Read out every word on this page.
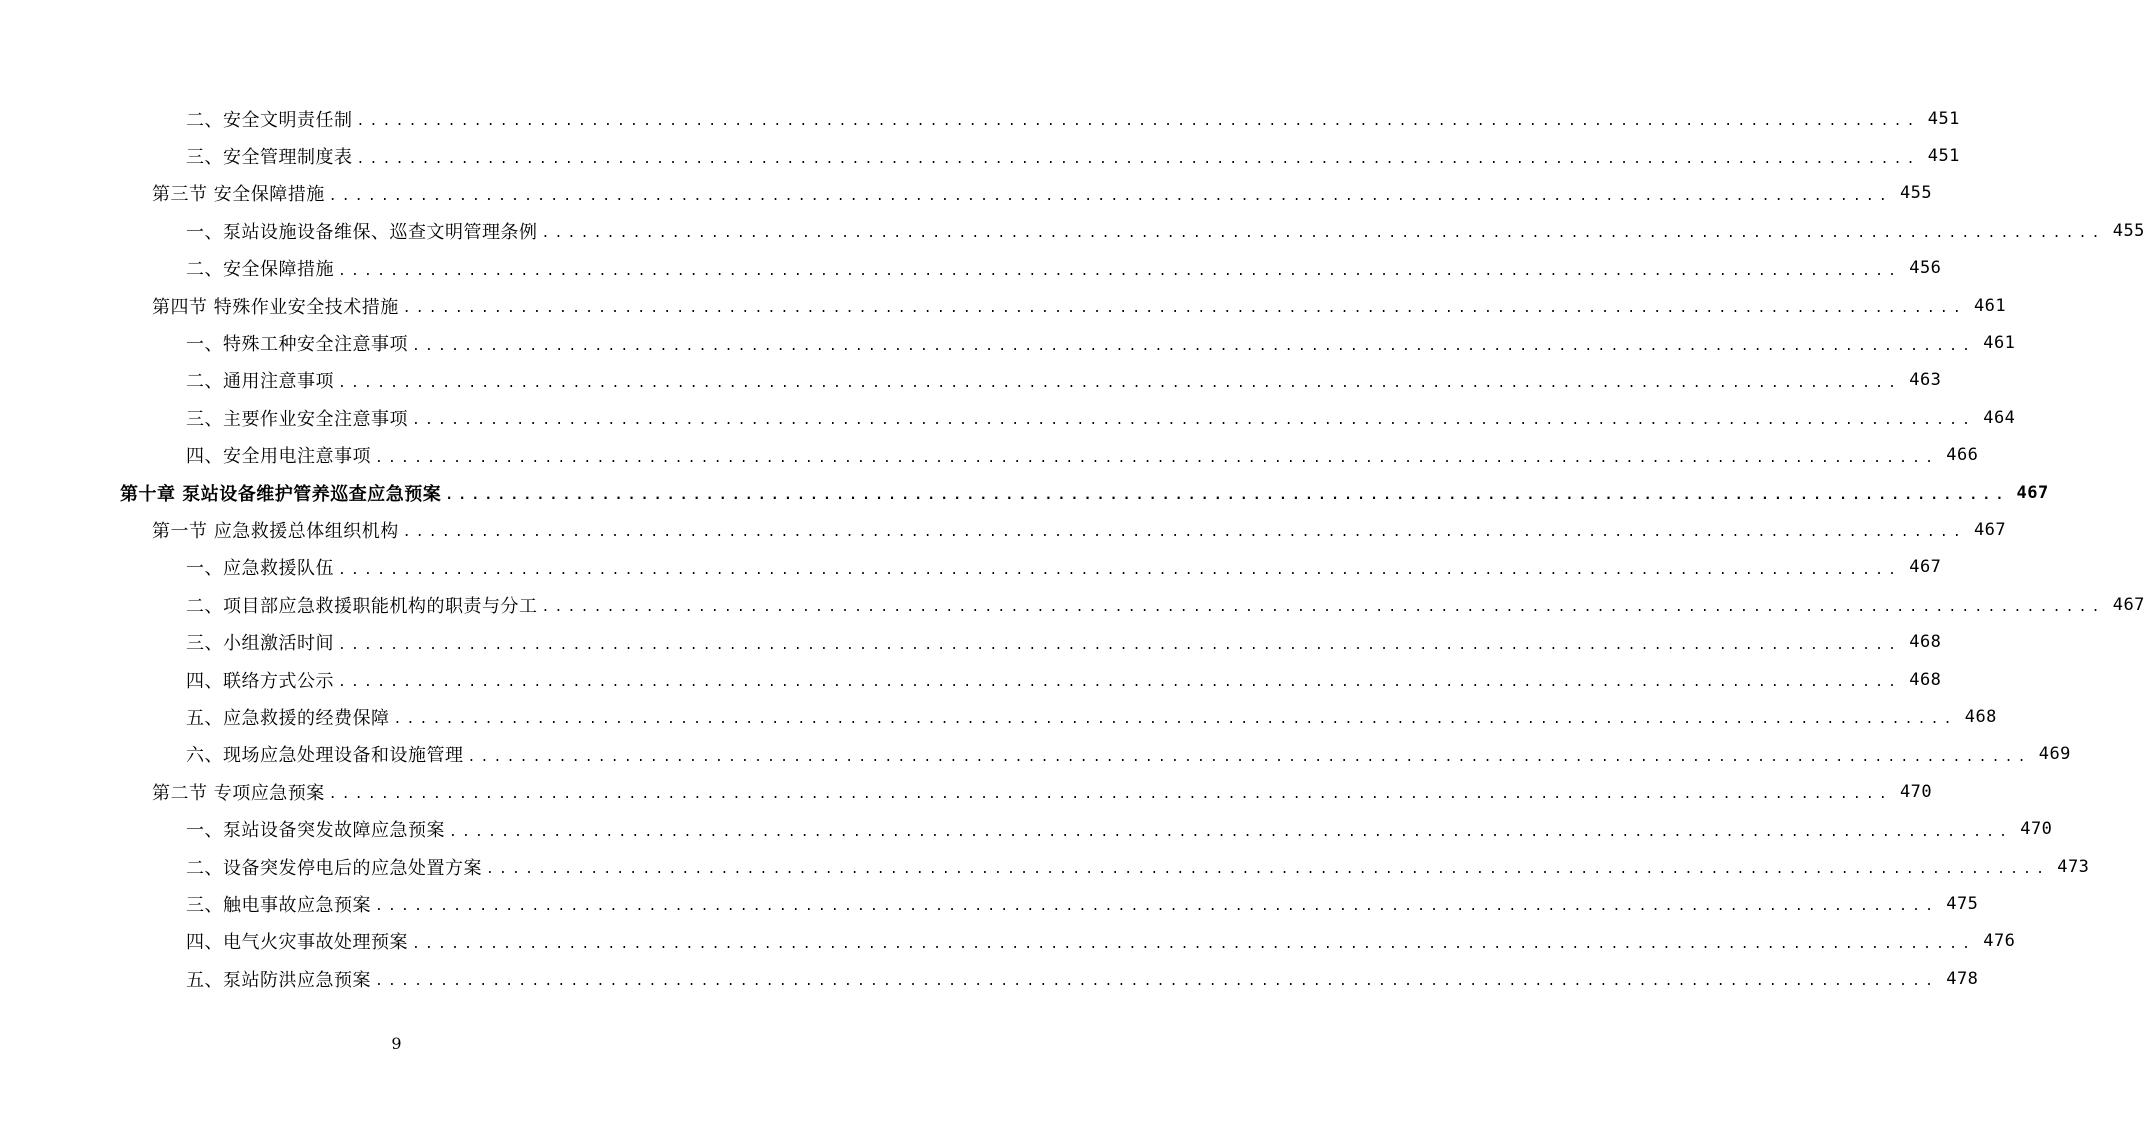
二、安全文明责任制 ........................................................................................................................ 451
三、安全管理制度表 ........................................................................................................................ 451
第三节 安全保障措施 ........................................................................................................................ 455
一、泵站设施设备维保、巡查文明管理条例 ........................................................................................................................ 455
二、安全保障措施 ........................................................................................................................ 456
第四节 特殊作业安全技术措施 ........................................................................................................................ 461
一、特殊工种安全注意事项 ........................................................................................................................ 461
二、通用注意事项 ........................................................................................................................ 463
三、主要作业安全注意事项 ........................................................................................................................ 464
四、安全用电注意事项 ........................................................................................................................ 466
第十章 泵站设备维护管养巡查应急预案 ........................................................................................................................ 467
第一节 应急救援总体组织机构 ........................................................................................................................ 467
一、应急救援队伍 ........................................................................................................................ 467
二、项目部应急救援职能机构的职责与分工 ........................................................................................................................ 467
三、小组激活时间 ........................................................................................................................ 468
四、联络方式公示 ........................................................................................................................ 468
五、应急救援的经费保障 ........................................................................................................................ 468
六、现场应急处理设备和设施管理 ........................................................................................................................ 469
第二节 专项应急预案 ........................................................................................................................ 470
一、泵站设备突发故障应急预案 ........................................................................................................................ 470
二、设备突发停电后的应急处置方案 ........................................................................................................................ 473
三、触电事故应急预案 ........................................................................................................................ 475
四、电气火灾事故处理预案 ........................................................................................................................ 476
五、泵站防洪应急预案 ........................................................................................................................ 478
9
